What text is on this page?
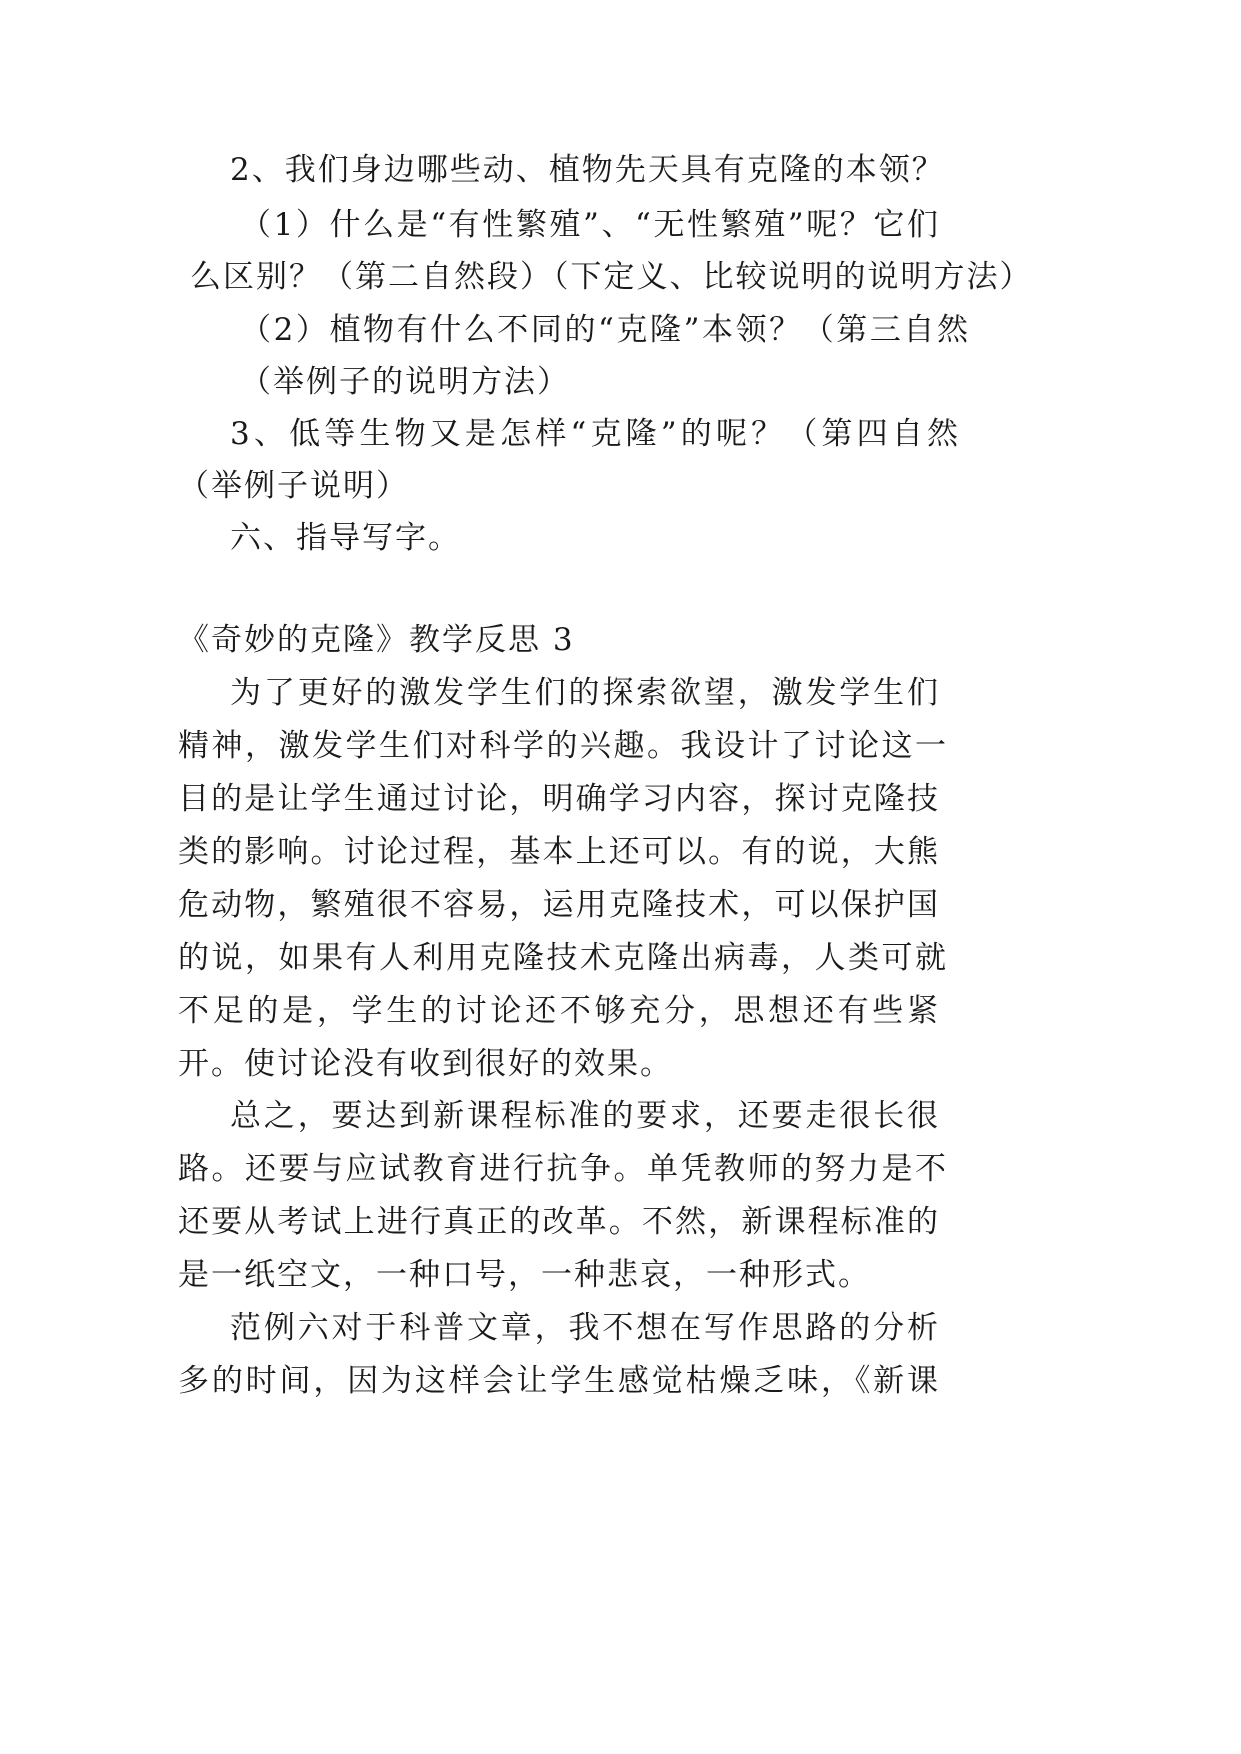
2、我们身边哪些动、植物先天具有克隆的本领？
（1）什么是“有性繁殖”、“无性繁殖”呢？它们
么区别？（第二自然段）（下定义、比较说明的说明方法）
（2）植物有什么不同的“克隆”本领？（第三自然
（举例子的说明方法）
3、低等生物又是怎样“克隆”的呢？（第四自然
（举例子说明）
六、指导写字。
《奇妙的克隆》教学反思 3
为了更好的激发学生们的探索欲望，激发学生们
精神，激发学生们对科学的兴趣。我设计了讨论这一
目的是让学生通过讨论，明确学习内容，探讨克隆技
类的影响。讨论过程，基本上还可以。有的说，大熊
危动物，繁殖很不容易，运用克隆技术，可以保护国
的说，如果有人利用克隆技术克隆出病毒，人类可就
不足的是，学生的讨论还不够充分，思想还有些紧
开。使讨论没有收到很好的效果。
总之，要达到新课程标准的要求，还要走很长很
路。还要与应试教育进行抗争。单凭教师的努力是不
还要从考试上进行真正的改革。不然，新课程标准的
是一纸空文，一种口号，一种悲哀，一种形式。
范例六对于科普文章，我不想在写作思路的分析
多的时间，因为这样会让学生感觉枯燥乏味，《新课
